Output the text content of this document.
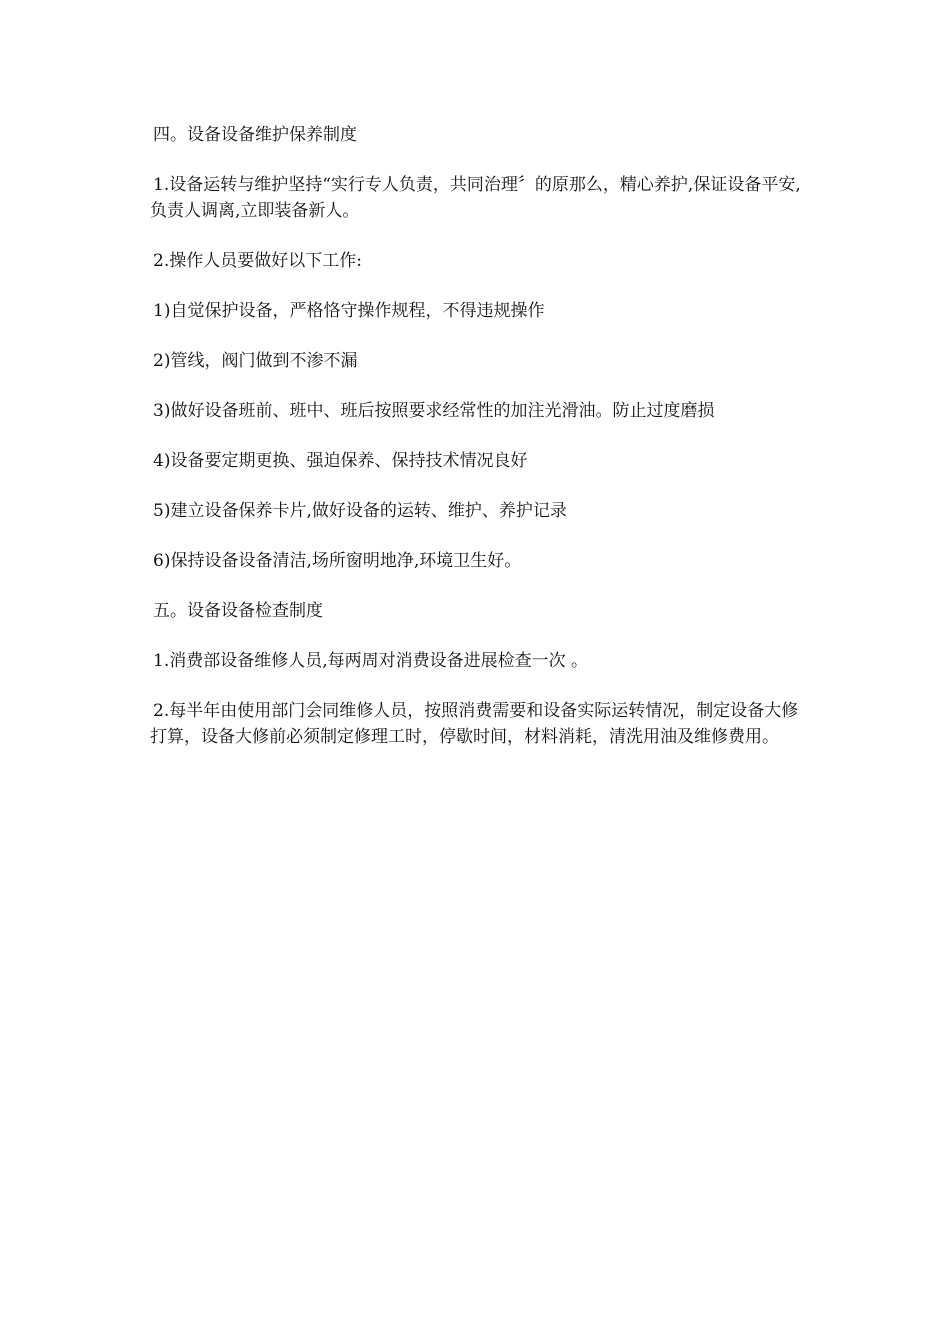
四。设备设备维护保养制度

1.设备运转与维护坚持“实行专人负责，共同治理〞的原那么，精心养护,保证设备平安,负责人调离,立即装备新人。

2.操作人员要做好以下工作:

1)自觉保护设备，严格恪守操作规程，不得违规操作

2)管线，阀门做到不渗不漏

3)做好设备班前、班中、班后按照要求经常性的加注光滑油。防止过度磨损

4)设备要定期更换、强迫保养、保持技术情况良好

5)建立设备保养卡片,做好设备的运转、维护、养护记录

6)保持设备设备清洁,场所窗明地净,环境卫生好。

五。设备设备检查制度

1.消费部设备维修人员,每两周对消费设备进展检查一次 。

2.每半年由使用部门会同维修人员，按照消费需要和设备实际运转情况，制定设备大修打算，设备大修前必须制定修理工时，停歇时间，材料消耗，清洗用油及维修费用。
